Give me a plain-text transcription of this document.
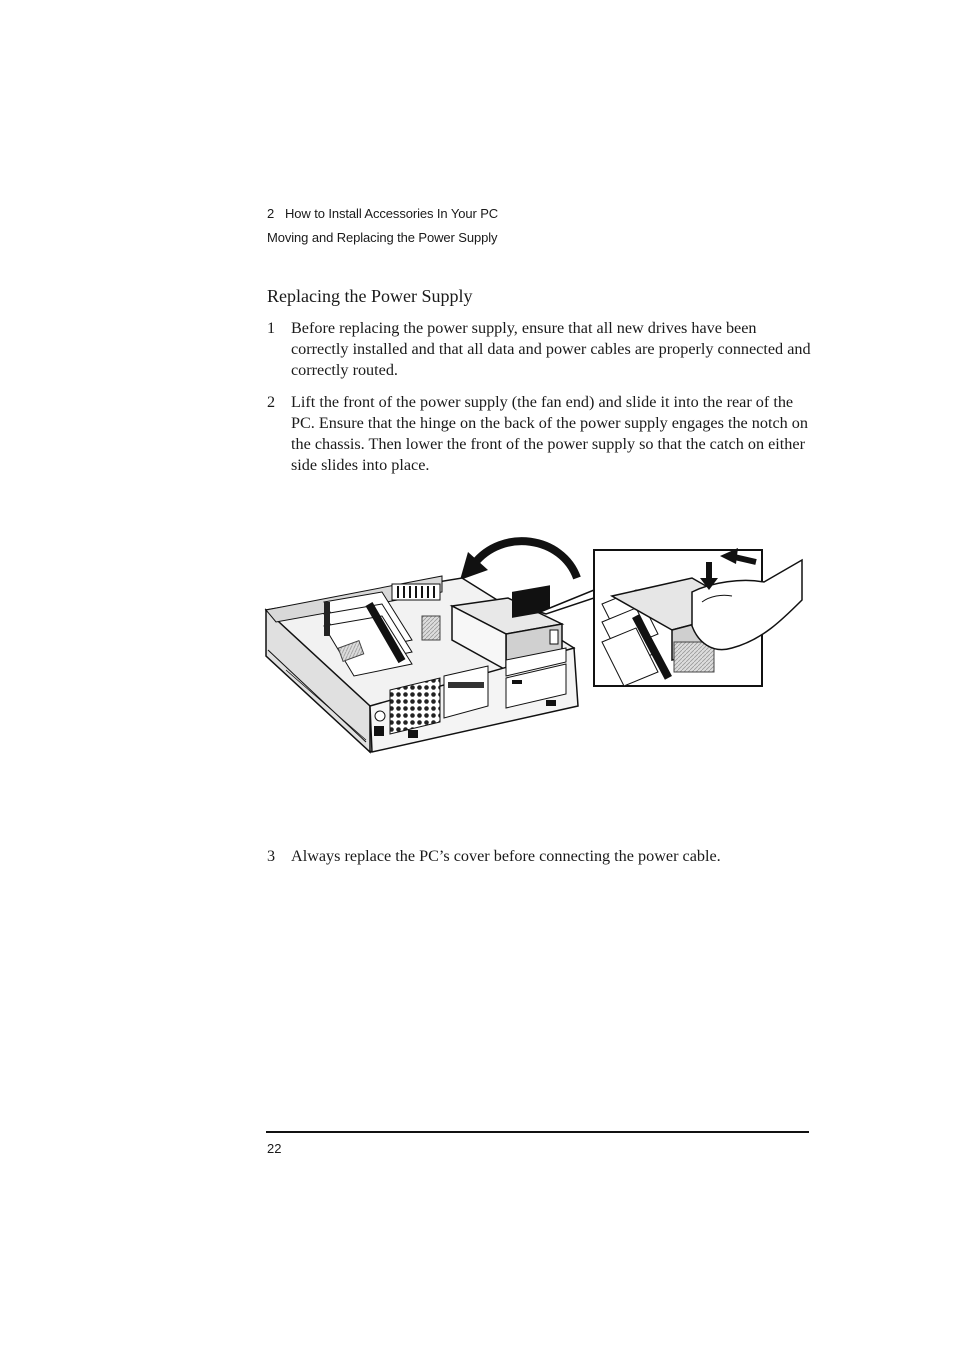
2 How to Install Accessories In Your PC
Moving and Replacing the Power Supply
Replacing the Power Supply
1 Before replacing the power supply, ensure that all new drives have been correctly installed and that all data and power cables are properly connected and correctly routed.
2 Lift the front of the power supply (the fan end) and slide it into the rear of the PC. Ensure that the hinge on the back of the power supply engages the notch on the chassis. Then lower the front of the power supply so that the catch on either side slides into place.
3 Always replace the PC’s cover before connecting the power cable.
22
